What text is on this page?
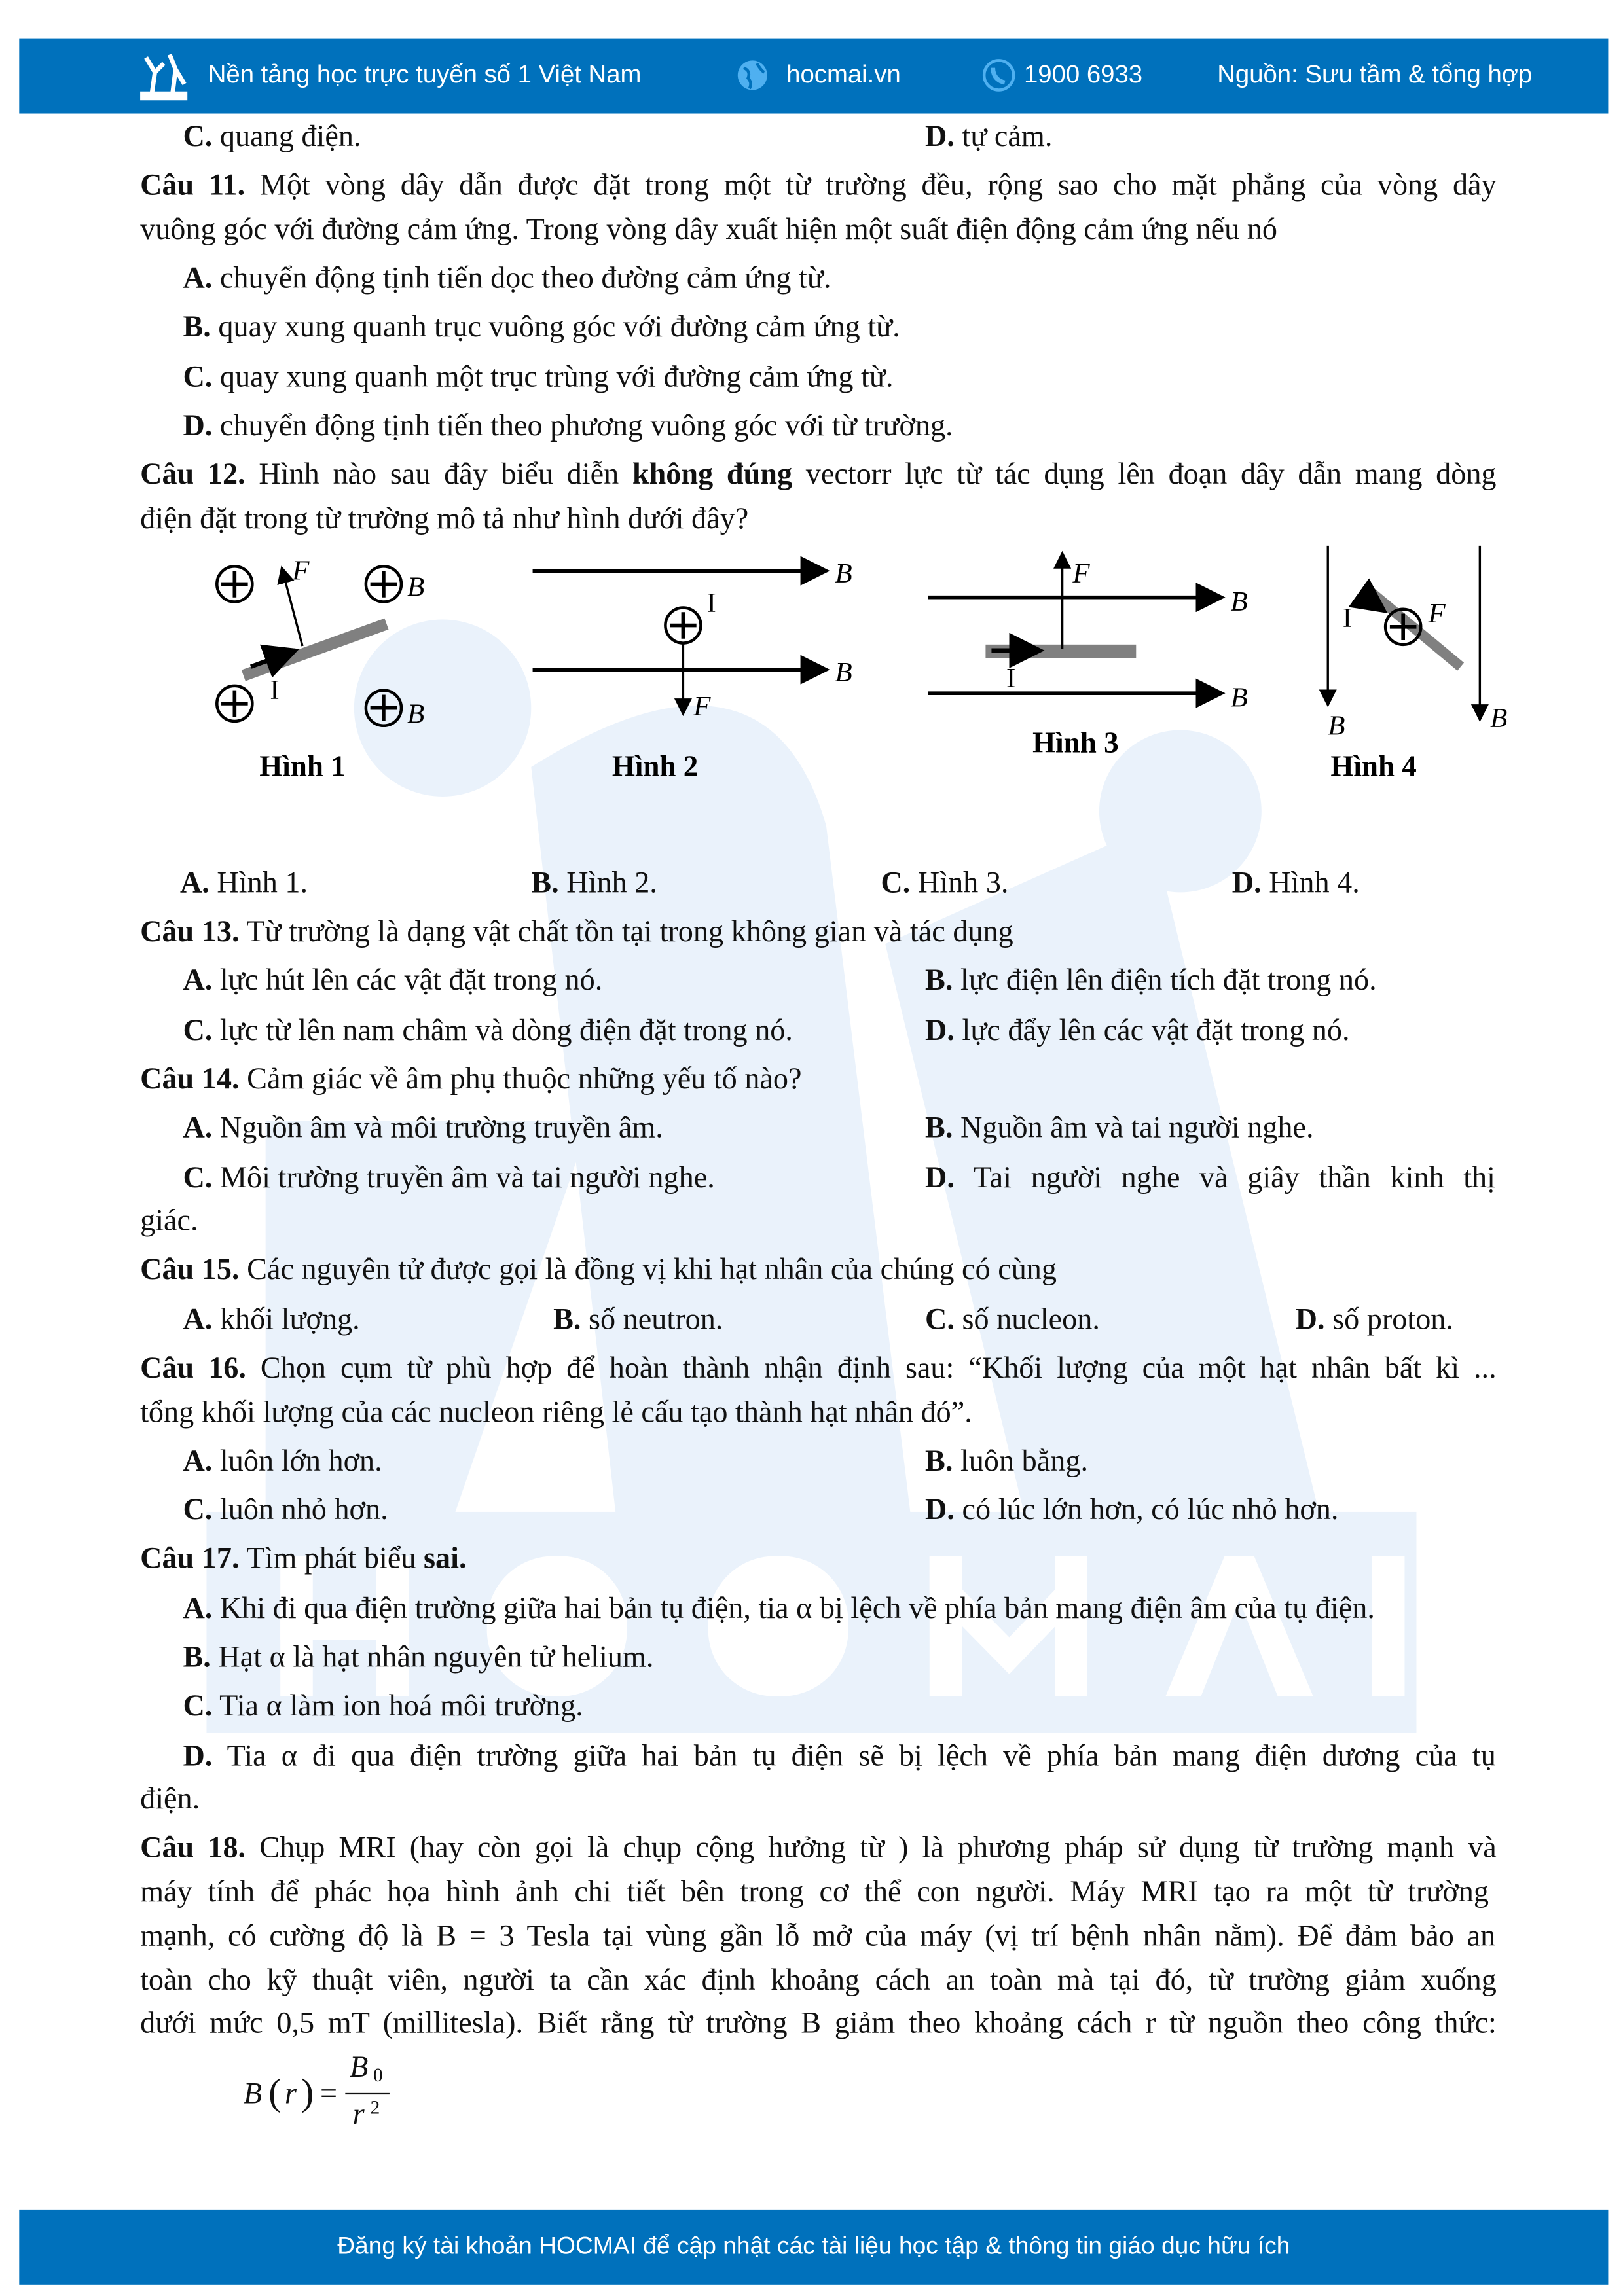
Nền tảng học trực tuyến số 1 Việt Nam	hocmai.vn	1900 6933	Nguồn: Sưu tầm & tổng hợp
C. quang điện.	D. tự cảm.
Câu 11. Một vòng dây dẫn được đặt trong một từ trường đều, rộng sao cho mặt phẳng của vòng dây
vuông góc với đường cảm ứng. Trong vòng dây xuất hiện một suất điện động cảm ứng nếu nó
A. chuyển động tịnh tiến dọc theo đường cảm ứng từ.
B. quay xung quanh trục vuông góc với đường cảm ứng từ.
C. quay xung quanh một trục trùng với đường cảm ứng từ.
D. chuyển động tịnh tiến theo phương vuông góc với từ trường.
Câu 12. Hình nào sau đây biểu diễn không đúng vectorr lực từ tác dụng lên đoạn dây dẫn mang dòng
điện đặt trong từ trường mô tả như hình dưới đây?
F
B
B
I
B
B
F
I
F
B
B
I
F
B	B
I
Hình 1	Hình 2
Hình 3
Hình 4
A. Hình 1.	B. Hình 2.	C. Hình 3.	D. Hình 4.
Câu 13. Từ trường là dạng vật chất tồn tại trong không gian và tác dụng
A. lực hút lên các vật đặt trong nó.	B. lực điện lên điện tích đặt trong nó.
C. lực từ lên nam châm và dòng điện đặt trong nó.	D. lực đẩy lên các vật đặt trong nó.
Câu 14. Cảm giác về âm phụ thuộc những yếu tố nào?
A. Nguồn âm và môi trường truyền âm.	B. Nguồn âm và tai người nghe.
C. Môi trường truyền âm và tai người nghe.	D. Tai người nghe và giây thần kinh thị
giác.
Câu 15. Các nguyên tử được gọi là đồng vị khi hạt nhân của chúng có cùng
A. khối lượng.	B. số neutron.	C. số nucleon.	D. số proton.
Câu 16. Chọn cụm từ phù hợp để hoàn thành nhận định sau: “Khối lượng của một hạt nhân bất kì ...
tổng khối lượng của các nucleon riêng lẻ cấu tạo thành hạt nhân đó”.
A. luôn lớn hơn.	B. luôn bằng.
C. luôn nhỏ hơn.	D. có lúc lớn hơn, có lúc nhỏ hơn.
Câu 17. Tìm phát biểu sai.
A. Khi đi qua điện trường giữa hai bản tụ điện, tia α bị lệch về phía bản mang điện âm của tụ điện.
B. Hạt α là hạt nhân nguyên tử helium.
C. Tia α làm ion hoá môi trường.
D. Tia α đi qua điện trường giữa hai bản tụ điện sẽ bị lệch về phía bản mang điện dương của tụ
điện.
Câu 18. Chụp MRI (hay còn gọi là chụp cộng hưởng từ ) là phương pháp sử dụng từ trường mạnh và
máy tính để phác họa hình ảnh chi tiết bên trong cơ thể con người. Máy MRI tạo ra một từ trường
mạnh, có cường độ là B = 3 Tesla tại vùng gần lỗ mở của máy (vị trí bệnh nhân nằm). Để đảm bảo an
toàn cho kỹ thuật viên, người ta cần xác định khoảng cách an toàn mà tại đó, từ trường giảm xuống
dưới mức 0,5 mT (millitesla). Biết rằng từ trường B giảm theo khoảng cách r từ nguồn theo công thức:
B ( r ) =
B 0
r 2
Đăng ký tài khoản HOCMAI để cập nhật các tài liệu học tập & thông tin giáo dục hữu ích
